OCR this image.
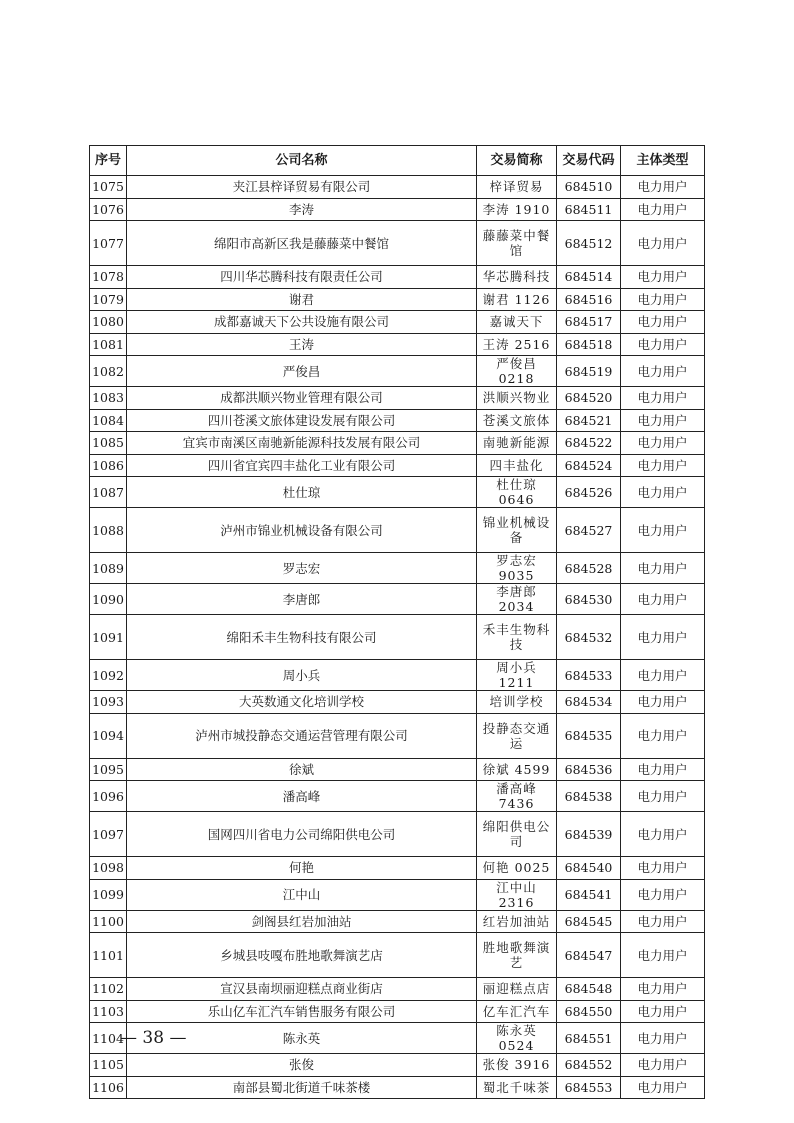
序号	公司名称	交易简称	交易代码	主体类型
1075	夹江县梓译贸易有限公司	梓译贸易	684510	电力用户
1076	李涛	李涛 1910	684511	电力用户
1077	绵阳市高新区我是藤藤菜中餐馆	藤藤菜中餐馆	684512	电力用户
1078	四川华芯腾科技有限责任公司	华芯腾科技	684514	电力用户
1079	谢君	谢君 1126	684516	电力用户
1080	成都嘉诚天下公共设施有限公司	嘉诚天下	684517	电力用户
1081	王涛	王涛 2516	684518	电力用户
1082	严俊昌	严俊昌 0218	684519	电力用户
1083	成都洪顺兴物业管理有限公司	洪顺兴物业	684520	电力用户
1084	四川苍溪文旅体建设发展有限公司	苍溪文旅体	684521	电力用户
1085	宜宾市南溪区南驰新能源科技发展有限公司	南驰新能源	684522	电力用户
1086	四川省宜宾四丰盐化工业有限公司	四丰盐化	684524	电力用户
1087	杜仕琼	杜仕琼 0646	684526	电力用户
1088	泸州市锦业机械设备有限公司	锦业机械设备	684527	电力用户
1089	罗志宏	罗志宏 9035	684528	电力用户
1090	李唐郎	李唐郎 2034	684530	电力用户
1091	绵阳禾丰生物科技有限公司	禾丰生物科技	684532	电力用户
1092	周小兵	周小兵 1211	684533	电力用户
1093	大英数通文化培训学校	培训学校	684534	电力用户
1094	泸州市城投静态交通运营管理有限公司	投静态交通运	684535	电力用户
1095	徐斌	徐斌 4599	684536	电力用户
1096	潘高峰	潘高峰 7436	684538	电力用户
1097	国网四川省电力公司绵阳供电公司	绵阳供电公司	684539	电力用户
1098	何艳	何艳 0025	684540	电力用户
1099	江中山	江中山 2316	684541	电力用户
1100	剑阁县红岩加油站	红岩加油站	684545	电力用户
1101	乡城县吱嘎布胜地歌舞演艺店	胜地歌舞演艺	684547	电力用户
1102	宣汉县南坝丽迎糕点商业街店	丽迎糕点店	684548	电力用户
1103	乐山亿车汇汽车销售服务有限公司	亿车汇汽车	684550	电力用户
1104	陈永英	陈永英 0524	684551	电力用户
1105	张俊	张俊 3916	684552	电力用户
1106	南部县蜀北街道千味茶楼	蜀北千味茶	684553	电力用户
— 38 —
